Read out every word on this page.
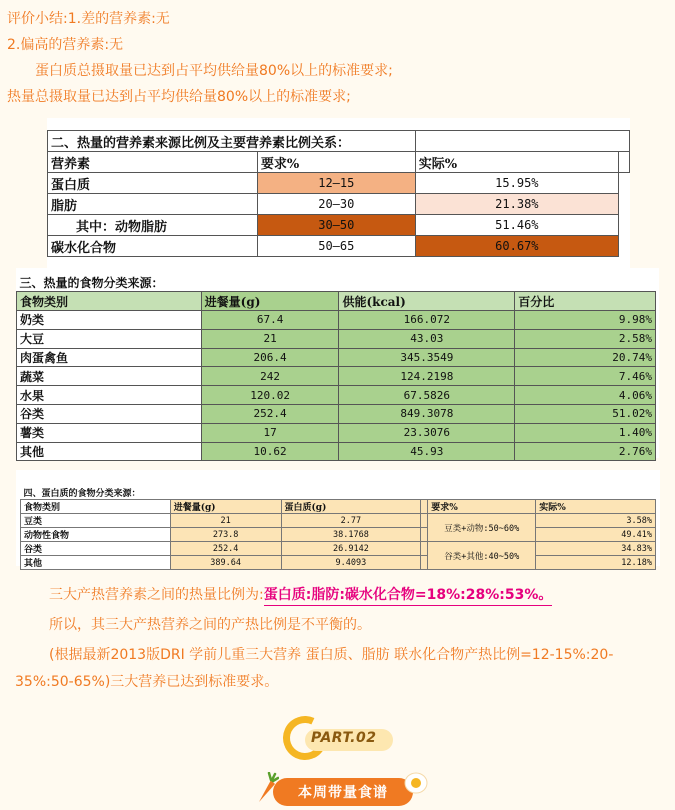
评价小结:1.差的营养素:无
2.偏高的营养素:无
蛋白质总摄取量已达到占平均供给量80%以上的标准要求;
热量总摄取量已达到占平均供给量80%以上的标准要求;
二、热量的营养素来源比例及主要营养素比例关系：			
营养素	要求%	实际%	
蛋白质	12—15	15.95%	
脂肪	20—30	21.38%	
其中：动物脂肪	30—50	51.46%	
碳水化合物	50—65	60.67%	
三、热量的食物分类来源：			
食物类别	进餐量(g)	供能(kcal)	百分比
奶类	67.4	166.072	9.98%
大豆	21	43.03	2.58%
肉蛋禽鱼	206.4	345.3549	20.74%
蔬菜	242	124.2198	7.46%
水果	120.02	67.5826	4.06%
谷类	252.4	849.3078	51.02%
薯类	17	23.3076	1.40%
其他	10.62	45.93	2.76%
四、蛋白质的食物分类来源：					
食物类别	进餐量(g)	蛋白质(g)		要求%	实际%
豆类	21	2.77		豆类+动物:50~60%	3.58%
动物性食物	273.8	38.1768			49.41%
谷类	252.4	26.9142		谷类+其他:40~50%	34.83%
其他	389.64	9.4093			12.18%
三大产热营养素之间的热量比例为:蛋白质:脂防:碳水化合物=18%:28%:53%。
所以，其三大产热营养之间的产热比例是不平衡的。
(根据最新2013版DRI 学前儿重三大营养 蛋白质、脂肪 联水化合物产热比例=12-15%:20-35%:50-65%)三大营养已达到标准要求。
PART.02
本周带量食谱
